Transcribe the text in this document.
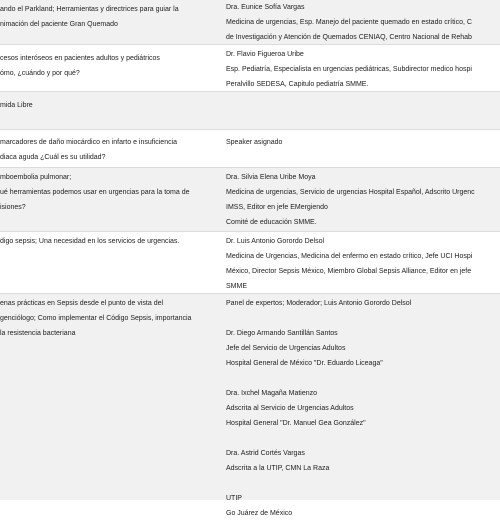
ando el Parkland; Herramientas y directrices para guiar la
nimación del paciente Gran Quemado
Dra. Eunice Sofía Vargas
Medicina de urgencias, Esp. Manejo del paciente quemado en estado crítico, C
de Investigación y Atención de Quemados CENIAQ, Centro Nacional de Rehab
cesos interóseos en pacientes adultos y pediátricos
ómo, ¿cuándo y por qué?
Dr. Flavio Figueroa Uribe
Esp. Pediatría, Especialista en urgencias pediátricas, Subdirector medico hospi
Peralvillo SEDESA, Capitulo pediatría SMME.
mida Libre
marcadores de daño miocárdico en infarto e insuficiencia
diaca aguda ¿Cuál es su utilidad?
Speaker asignado
mboembolia pulmonar;
ué herramientas podemos usar en urgencias para la toma de
isiones?
Dra. Silvia Elena Uribe Moya
Medicina de urgencias, Servicio de urgencias Hospital Español, Adscrito Urgenc
IMSS, Editor en jefe EMergiendo
Comité de educación SMME.
digo sepsis; Una necesidad en los servicios de urgencias.	Dr. Luis Antonio Gorordo Delsol
Medicina de Urgencias, Medicina del enfermo en estado crítico, Jefe UCI Hospi
México, Director Sepsis México, Miembro Global Sepsis Alliance, Editor en jefe
SMME
enas prácticas en Sepsis desde el punto de vista del
genciólogo; Como implementar el Código Sepsis, importancia
la resistencia bacteriana
Panel de expertos; Moderador; Luis Antonio Gorordo Delsol
Dr. Diego Armando Santillán Santos
Jefe del Servicio de Urgencias Adultos
Hospital General de México "Dr. Eduardo Liceaga"
Dra. Ixchel Magaña Matienzo
Adscrita al Servicio de Urgencias Adultos
Hospital General "Dr. Manuel Gea González"
Dra. Astrid Cortés Vargas
Adscrita a la UTIP, CMN La Raza
UTIP
Go Juárez de México
